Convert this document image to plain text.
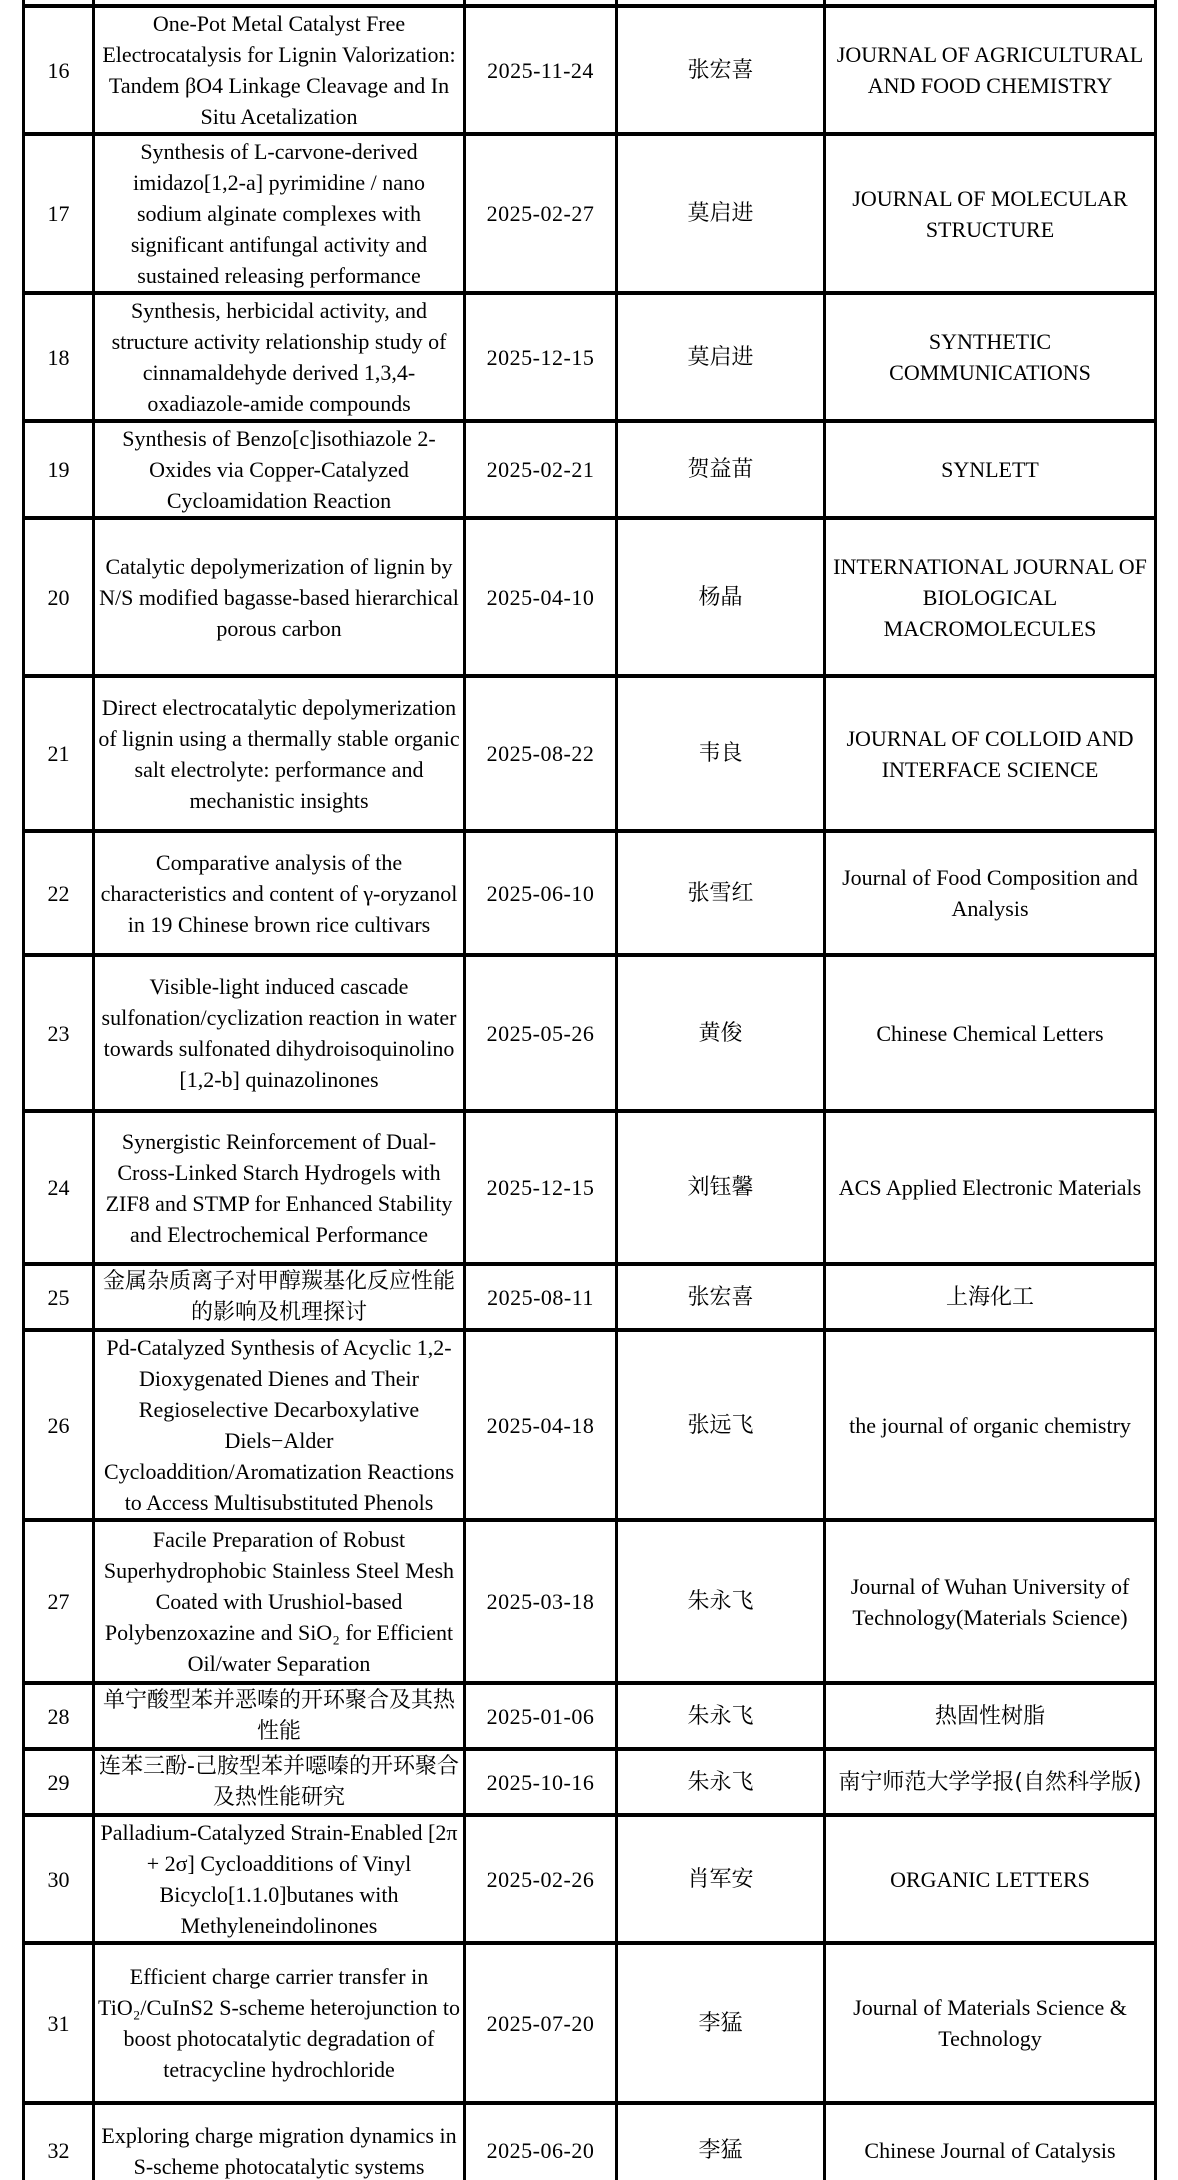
16	One-Pot Metal Catalyst Free Electrocatalysis for Lignin Valorization: Tandem βO4 Linkage Cleavage and In Situ Acetalization	2025-11-24	张宏喜	JOURNAL OF AGRICULTURAL AND FOOD CHEMISTRY
17	Synthesis of L-carvone-derived imidazo[1,2-a] pyrimidine / nano sodium alginate complexes with significant antifungal activity and sustained releasing performance	2025-02-27	莫启进	JOURNAL OF MOLECULAR STRUCTURE
18	Synthesis, herbicidal activity, and structure activity relationship study of cinnamaldehyde derived 1,3,4-oxadiazole-amide compounds	2025-12-15	莫启进	SYNTHETIC COMMUNICATIONS
19	Synthesis of Benzo[c]isothiazole 2-Oxides via Copper-Catalyzed Cycloamidation Reaction	2025-02-21	贺益苗	SYNLETT
20	Catalytic depolymerization of lignin by N/S modified bagasse-based hierarchical porous carbon	2025-04-10	杨晶	INTERNATIONAL JOURNAL OF BIOLOGICAL MACROMOLECULES
21	Direct electrocatalytic depolymerization of lignin using a thermally stable organic salt electrolyte: performance and mechanistic insights	2025-08-22	韦良	JOURNAL OF COLLOID AND INTERFACE SCIENCE
22	Comparative analysis of the characteristics and content of γ-oryzanol in 19 Chinese brown rice cultivars	2025-06-10	张雪红	Journal of Food Composition and Analysis
23	Visible-light induced cascade sulfonation/cyclization reaction in water towards sulfonated dihydroisoquinolino [1,2-b] quinazolinones	2025-05-26	黄俊	Chinese Chemical Letters
24	Synergistic Reinforcement of Dual-Cross-Linked Starch Hydrogels with ZIF8 and STMP for Enhanced Stability and Electrochemical Performance	2025-12-15	刘钰馨	ACS Applied Electronic Materials
25	金属杂质离子对甲醇羰基化反应性能的影响及机理探讨	2025-08-11	张宏喜	上海化工
26	Pd-Catalyzed Synthesis of Acyclic 1,2-Dioxygenated Dienes and Their Regioselective Decarboxylative Diels−Alder Cycloaddition/Aromatization Reactions to Access Multisubstituted Phenols	2025-04-18	张远飞	the journal of organic chemistry
27	Facile Preparation of Robust Superhydrophobic Stainless Steel Mesh Coated with Urushiol-based Polybenzoxazine and SiO₂ for Efficient Oil/water Separation	2025-03-18	朱永飞	Journal of Wuhan University of Technology(Materials Science)
28	单宁酸型苯并恶嗪的开环聚合及其热性能	2025-01-06	朱永飞	热固性树脂
29	连苯三酚-己胺型苯并噁嗪的开环聚合及热性能研究	2025-10-16	朱永飞	南宁师范大学学报(自然科学版)
30	Palladium-Catalyzed Strain-Enabled [2π + 2σ] Cycloadditions of Vinyl Bicyclo[1.1.0]butanes with Methyleneindolinones	2025-02-26	肖军安	ORGANIC LETTERS
31	Efficient charge carrier transfer in TiO₂/CuInS2 S-scheme heterojunction to boost photocatalytic degradation of tetracycline hydrochloride	2025-07-20	李猛	Journal of Materials Science & Technology
32	Exploring charge migration dynamics in S-scheme photocatalytic systems	2025-06-20	李猛	Chinese Journal of Catalysis
